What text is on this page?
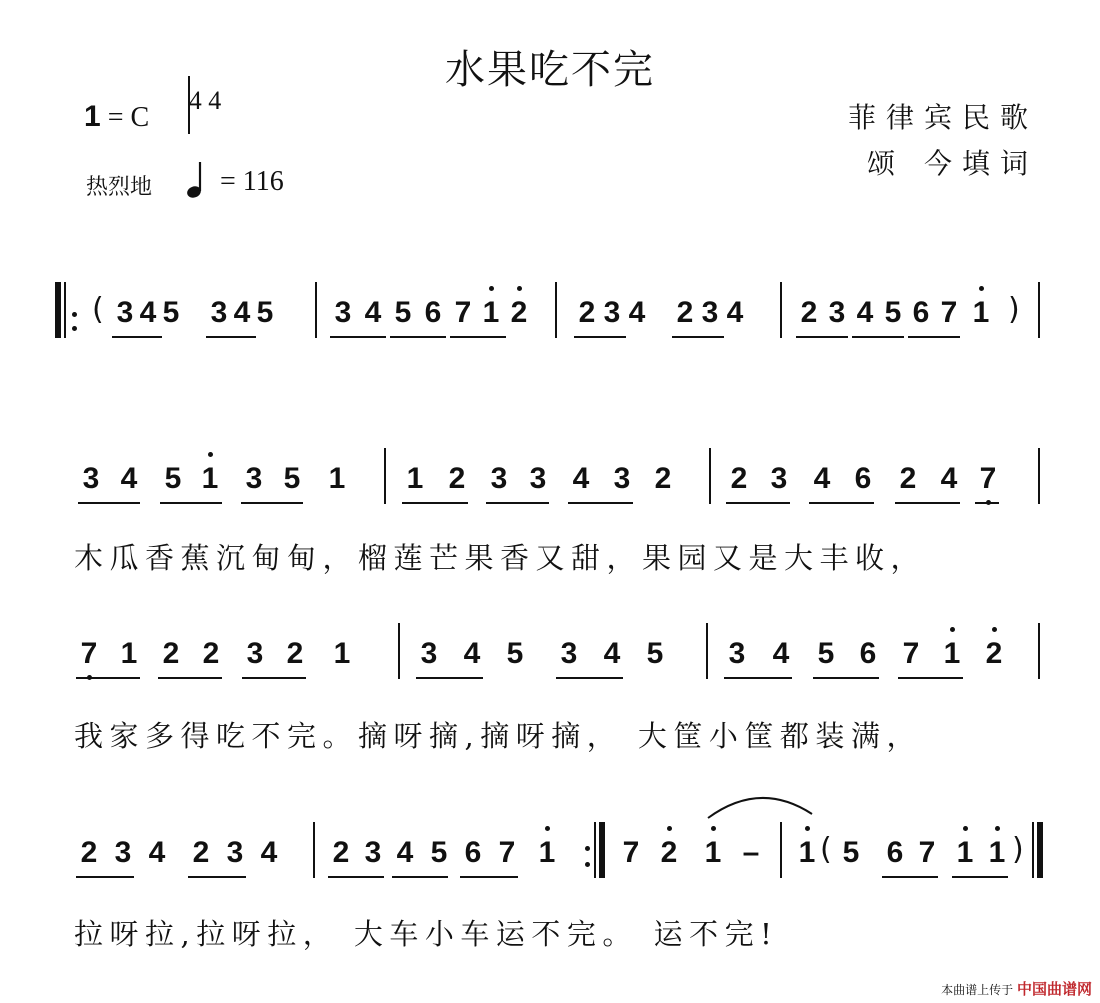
水果吃不完
1 = C
4 4
热烈地 = 116
菲律宾民歌
颂 今填词
( 3 4 5 3 4 5 3 4 5 6 7 1 2 2 3 4 2 3 4 2 3 4 5 6 7 1 )
3 4 5 1 3 5 1 1 2 3 3 4 3 2 2 3 4 6 2 4 7
7 1 2 2 3 2 1 3 4 5 3 4 5 3 4 5 6 7 1 2
2 3 4 2 3 4 2 3 4 5 6 7 1 7 2 1 – 1 ( 5 6 7 1 1 )
木瓜香蕉沉甸甸，榴莲芒果香又甜，果园又是大丰收，
我家多得吃不完。摘呀摘,摘呀摘， 大筐小筐都装满，
拉呀拉,拉呀拉， 大车小车运不完。 运不完!
本曲谱上传于 中国曲谱网
